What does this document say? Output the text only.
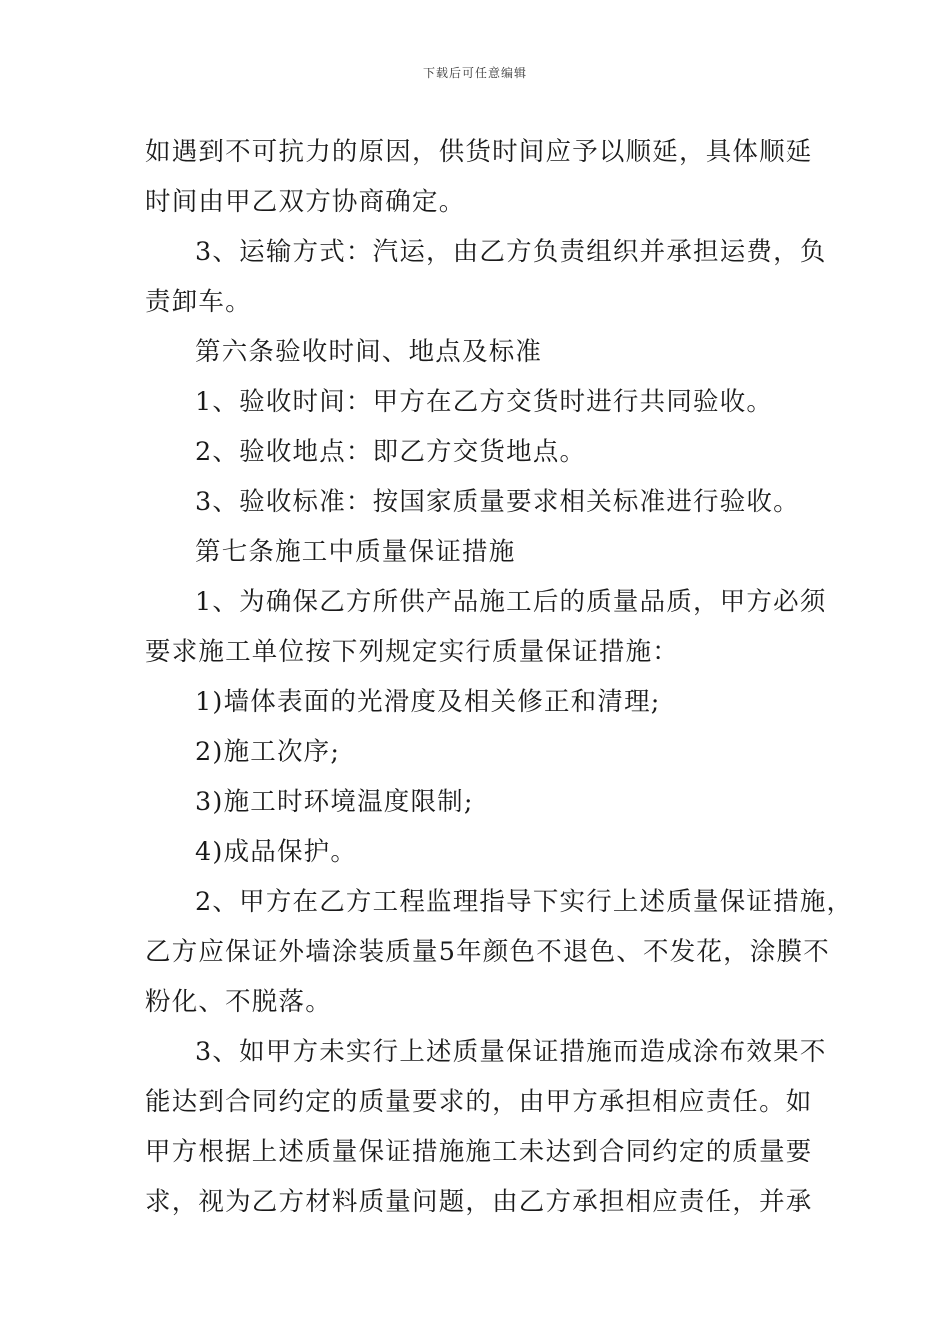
下载后可任意编辑
如遇到不可抗力的原因，供货时间应予以顺延，具体顺延
时间由甲乙双方协商确定。
3、运输方式：汽运，由乙方负责组织并承担运费，负
责卸车。
第六条验收时间、地点及标准
1、验收时间：甲方在乙方交货时进行共同验收。
2、验收地点：即乙方交货地点。
3、验收标准：按国家质量要求相关标准进行验收。
第七条施工中质量保证措施
1、为确保乙方所供产品施工后的质量品质，甲方必须
要求施工单位按下列规定实行质量保证措施：
1)墙体表面的光滑度及相关修正和清理;
2)施工次序;
3)施工时环境温度限制;
4)成品保护。
2、甲方在乙方工程监理指导下实行上述质量保证措施，
乙方应保证外墙涂装质量5年颜色不退色、不发花，涂膜不
粉化、不脱落。
3、如甲方未实行上述质量保证措施而造成涂布效果不
能达到合同约定的质量要求的，由甲方承担相应责任。如
甲方根据上述质量保证措施施工未达到合同约定的质量要
求，视为乙方材料质量问题，由乙方承担相应责任，并承
